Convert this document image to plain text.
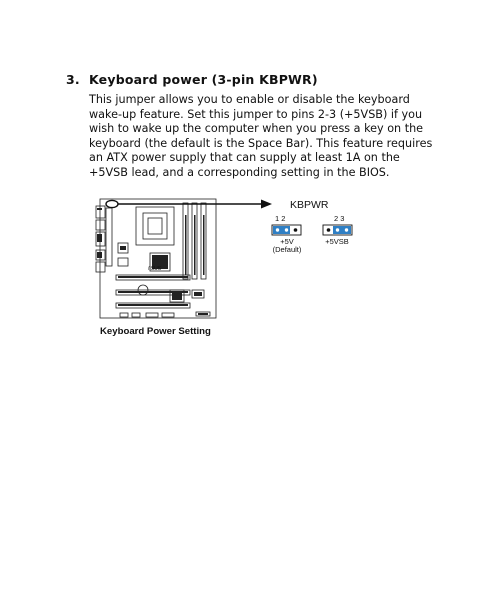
3. Keyboard power (3-pin KBPWR)

This jumper allows you to enable or disable the keyboard wake-up feature. Set this jumper to pins 2-3 (+5VSB) if you wish to wake up the computer when you press a key on the keyboard (the default is the Space Bar). This feature requires an ATX power supply that can supply at least 1A on the +5VSB lead, and a corresponding setting in the BIOS.

/ISUS
KBPWR
1 2
+5V
(Default)
2 3
+5VSB
Keyboard Power Setting
